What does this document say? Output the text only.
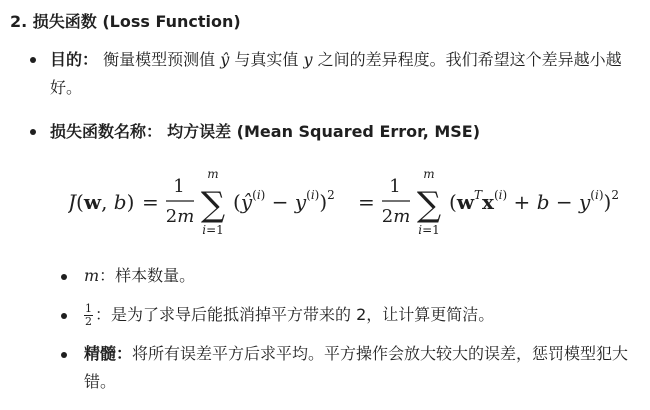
2. 损失函数 (Loss Function)
目的： 衡量模型预测值 ŷ 与真实值 y 之间的差异程度。我们希望这个差异越小越好。
损失函数名称： 均方误差 (Mean Squared Error, MSE)
J(w, b) =
1
2m
m
∑
i=1
$(ŷ^{(i)} - y^{(i)})^2$ =
1
2m
m
∑
i=1
$(w^Tx^{(i)} + b - y^{(i)})^2$
m：样本数量。
$\frac{1}{2}$ ：是为了求导后能抵消掉平方带来的 2，让计算更简洁。
精髓：将所有误差平方后求平均。平方操作会放大较大的误差，惩罚模型犯大错。
